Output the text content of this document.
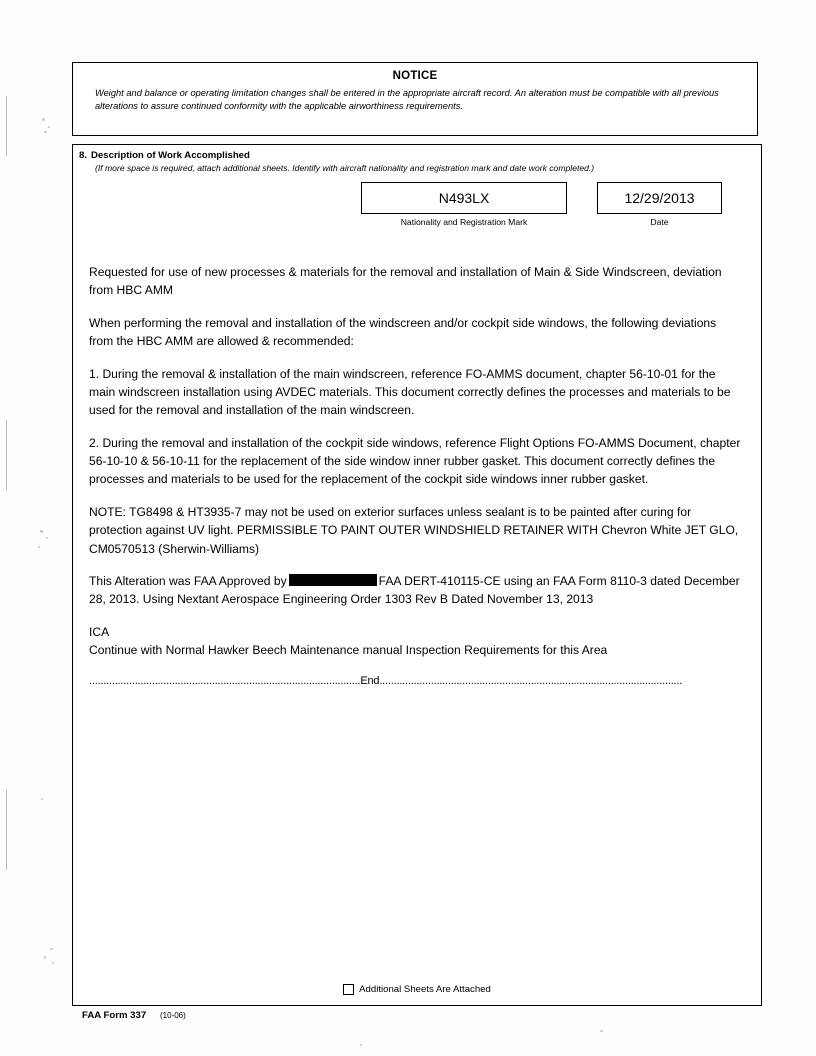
NOTICE
Weight and balance or operating limitation changes shall be entered in the appropriate aircraft record. An alteration must be compatible with all previous alterations to assure continued conformity with the applicable airworthiness requirements.
8. Description of Work Accomplished
(If more space is required, attach additional sheets. Identify with aircraft nationality and registration mark and date work completed.)
N493LX	12/29/2013
Nationality and Registration Mark	Date

Requested for use of new processes & materials for the removal and installation of Main & Side Windscreen, deviation from HBC AMM

When performing the removal and installation of the windscreen and/or cockpit side windows, the following deviations from the HBC AMM are allowed & recommended:

1. During the removal & installation of the main windscreen, reference FO-AMMS document, chapter 56-10-01 for the main windscreen installation using AVDEC materials. This document correctly defines the processes and materials to be used for the removal and installation of the main windscreen.

2. During the removal and installation of the cockpit side windows, reference Flight Options FO-AMMS Document, chapter 56-10-10 & 56-10-11 for the replacement of the side window inner rubber gasket. This document correctly defines the processes and materials to be used for the replacement of the cockpit side windows inner rubber gasket.

NOTE: TG8498 & HT3935-7 may not be used on exterior surfaces unless sealant is to be painted after curing for protection against UV light. PERMISSIBLE TO PAINT OUTER WINDSHIELD RETAINER WITH Chevron White JET GLO, CM0570513 (Sherwin-Williams)

This Alteration was FAA Approved by	FAA DERT-410115-CE using an FAA Form 8110-3 dated December 28, 2013. Using Nextant Aerospace Engineering Order 1303 Rev B Dated November 13, 2013

ICA

Continue with Normal Hawker Beech Maintenance manual Inspection Requirements for this Area

...............................................................................................End..........................................................................................................

Additional Sheets Are Attached
FAA Form 337 (10-06)
